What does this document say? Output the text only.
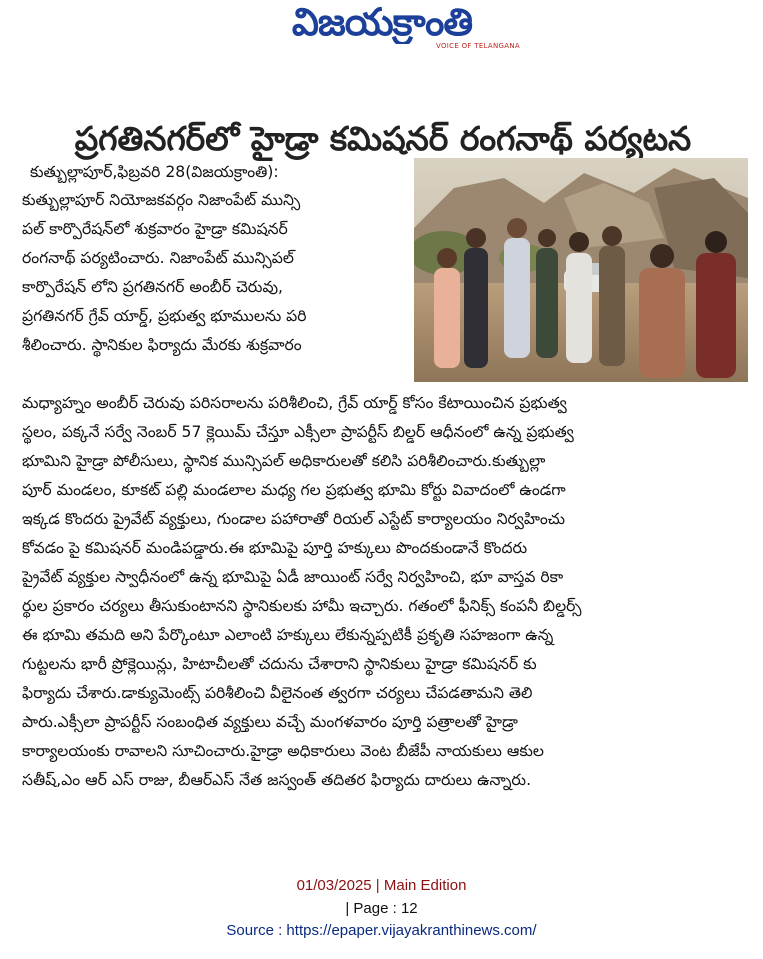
విజయక్రాంతి
VOICE OF TELANGANA
ప్రగతినగర్‌లో హైడ్రా కమిషనర్ రంగనాథ్ పర్యటన
కుత్బుల్లాపూర్,ఫిబ్రవరి 28(విజయక్రాంతి):
కుత్బుల్లాపూర్ నియోజకవర్గం నిజాంపేట్ మున్సి
పల్ కార్పొరేషన్‌లో శుక్రవారం హైడ్రా కమిషనర్
రంగనాథ్ పర్యటించారు. నిజాంపేట్ మున్సిపల్
కార్పొరేషన్ లోని ప్రగతినగర్ అంబీర్ చెరువు,
ప్రగతినగర్ గ్రేవ్ యార్డ్, ప్రభుత్వ భూములను పరి
శీలించారు. స్థానికుల ఫిర్యాదు మేరకు శుక్రవారం
మధ్యాహ్నం అంబీర్ చెరువు పరిసరాలను పరిశీలించి, గ్రేవ్ యార్డ్ కోసం కేటాయించిన ప్రభుత్వ
స్థలం, పక్కనే సర్వే నెంబర్ 57 క్లెయిమ్ చేస్తూ ఎక్సీలా ప్రాపర్టీస్ బిల్డర్ ఆధీనంలో ఉన్న ప్రభుత్వ
భూమిని హైడ్రా పోలీసులు, స్థానిక మున్సిపల్ అధికారులతో కలిసి పరిశీలించారు.కుత్బుల్లా
పూర్ మండలం, కూకట్ పల్లి మండలాల మధ్య గల ప్రభుత్వ భూమి కోర్టు వివాదంలో ఉండగా
ఇక్కడ కొందరు ప్రైవేట్ వ్యక్తులు, గుండాల పహారాతో రియల్ ఎస్టేట్ కార్యాలయం నిర్వహించు
కోవడం పై కమిషనర్ మండిపడ్డారు.ఈ భూమిపై పూర్తి హక్కులు పొందకుండానే కొందరు
ప్రైవేట్ వ్యక్తుల స్వాధీనంలో ఉన్న భూమిపై ఏడీ జాయింట్ సర్వే నిర్వహించి, భూ వాస్తవ రికా
ర్థుల ప్రకారం చర్యలు తీసుకుంటానని స్థానికులకు హామీ ఇచ్చారు. గతంలో ఫీనిక్స్ కంపనీ బిల్డర్స్
ఈ భూమి తమది అని పేర్కొంటూ ఎలాంటి హక్కులు లేకున్నప్పటికీ ప్రకృతి సహజంగా ఉన్న
గుట్టలను భారీ ప్రోక్లెయిన్లు, హిటాచీలతో చదును చేశారాని స్థానికులు హైడ్రా కమిషనర్ కు
ఫిర్యాదు చేశారు.డాక్యుమెంట్స్ పరిశీలించి వీలైనంత త్వరగా చర్యలు చేపడతామని తెలి
పారు.ఎక్సీలా ప్రాపర్టీస్ సంబంధిత వ్యక్తులు వచ్చే మంగళవారం పూర్తి పత్రాలతో హైడ్రా
కార్యాలయంకు రావాలని సూచించారు.హైడ్రా అధికారులు వెంట బీజేపీ నాయకులు ఆకుల
సతీష్,ఎం ఆర్ ఎస్ రాజు, బీఆర్ఎస్ నేత జస్వంత్ తదితర ఫిర్యాదు దారులు ఉన్నారు.
01/03/2025 | Main Edition
| Page : 12
Source : https://epaper.vijayakranthinews.com/
